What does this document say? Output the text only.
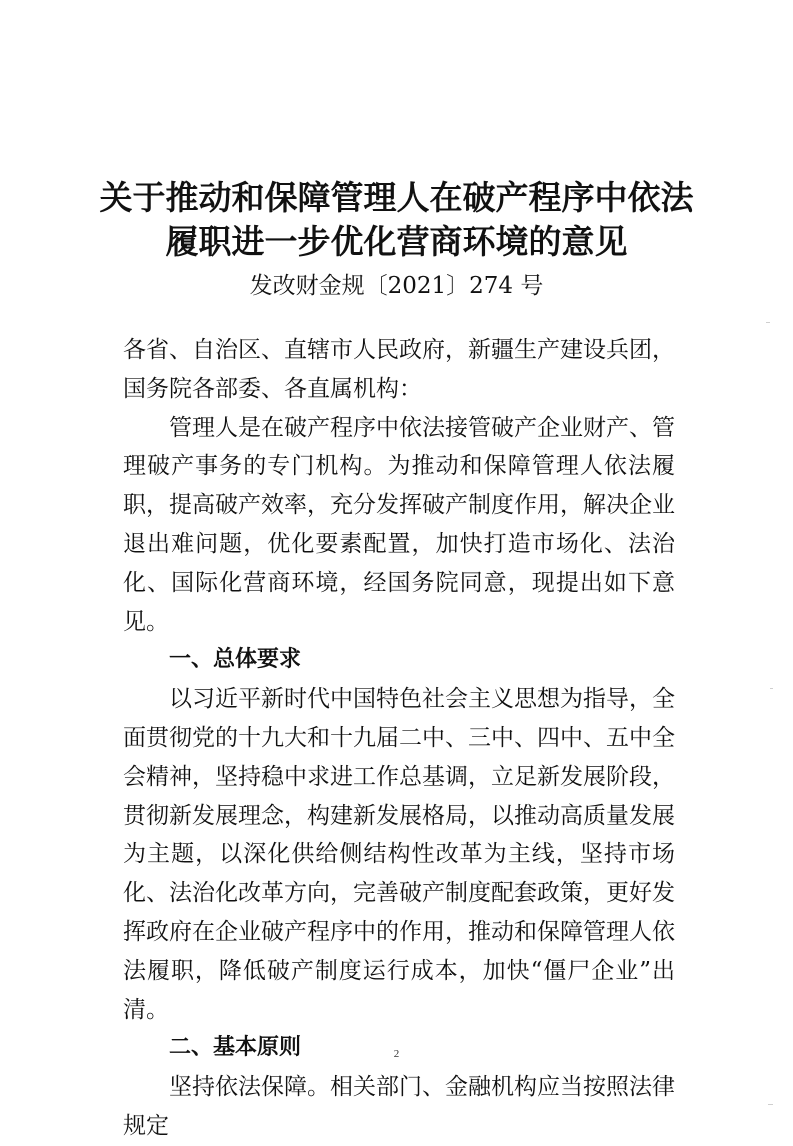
关于推动和保障管理人在破产程序中依法
履职进一步优化营商环境的意见
发改财金规〔2021〕274 号

各省、自治区、直辖市人民政府，新疆生产建设兵团，国务院各部委、各直属机构：

管理人是在破产程序中依法接管破产企业财产、管理破产事务的专门机构。为推动和保障管理人依法履职，提高破产效率，充分发挥破产制度作用，解决企业退出难问题，优化要素配置，加快打造市场化、法治化、国际化营商环境，经国务院同意，现提出如下意见。

一、总体要求

以习近平新时代中国特色社会主义思想为指导，全面贯彻党的十九大和十九届二中、三中、四中、五中全会精神，坚持稳中求进工作总基调，立足新发展阶段，贯彻新发展理念，构建新发展格局，以推动高质量发展为主题，以深化供给侧结构性改革为主线，坚持市场化、法治化改革方向，完善破产制度配套政策，更好发挥政府在企业破产程序中的作用，推动和保障管理人依法履职，降低破产制度运行成本，加快“僵尸企业”出清。

二、基本原则

坚持依法保障。相关部门、金融机构应当按照法律规定

2
